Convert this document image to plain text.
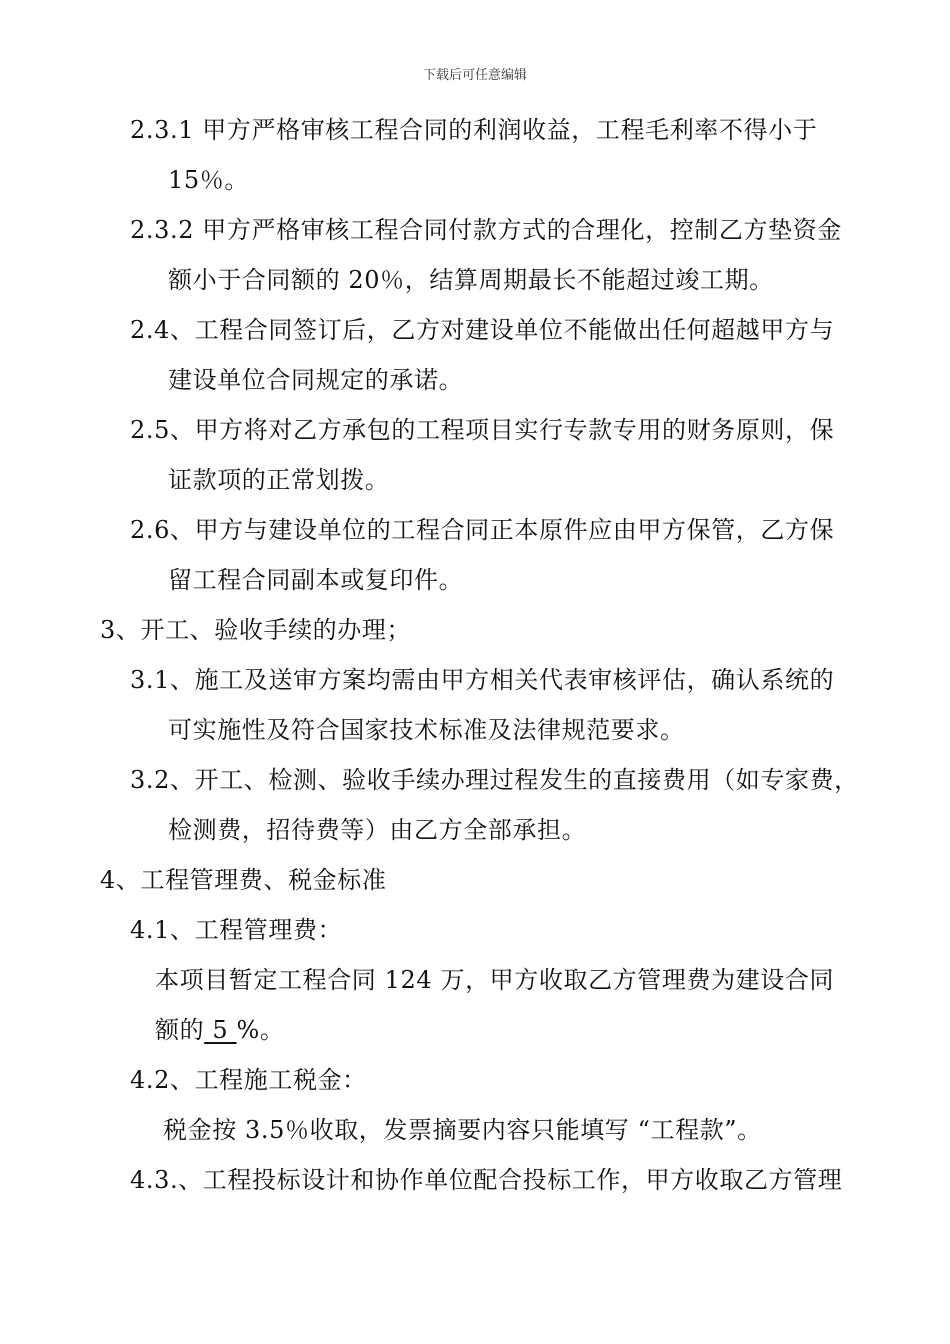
下载后可任意编辑
2.3.1 甲方严格审核工程合同的利润收益，工程毛利率不得小于
15％。
2.3.2 甲方严格审核工程合同付款方式的合理化，控制乙方垫资金
额小于合同额的 20％，结算周期最长不能超过竣工期。
2.4、工程合同签订后，乙方对建设单位不能做出任何超越甲方与
建设单位合同规定的承诺。
2.5、甲方将对乙方承包的工程项目实行专款专用的财务原则，保
证款项的正常划拨。
2.6、甲方与建设单位的工程合同正本原件应由甲方保管，乙方保
留工程合同副本或复印件。
3、开工、验收手续的办理；
3.1、施工及送审方案均需由甲方相关代表审核评估，确认系统的
可实施性及符合国家技术标准及法律规范要求。
3.2、开工、检测、验收手续办理过程发生的直接费用（如专家费，
检测费，招待费等）由乙方全部承担。
4、工程管理费、税金标准
4.1、工程管理费：
本项目暂定工程合同 124 万，甲方收取乙方管理费为建设合同
额的 5 %。
4.2、工程施工税金：
税金按 3.5％收取，发票摘要内容只能填写 “工程款”。
4.3.、工程投标设计和协作单位配合投标工作，甲方收取乙方管理
